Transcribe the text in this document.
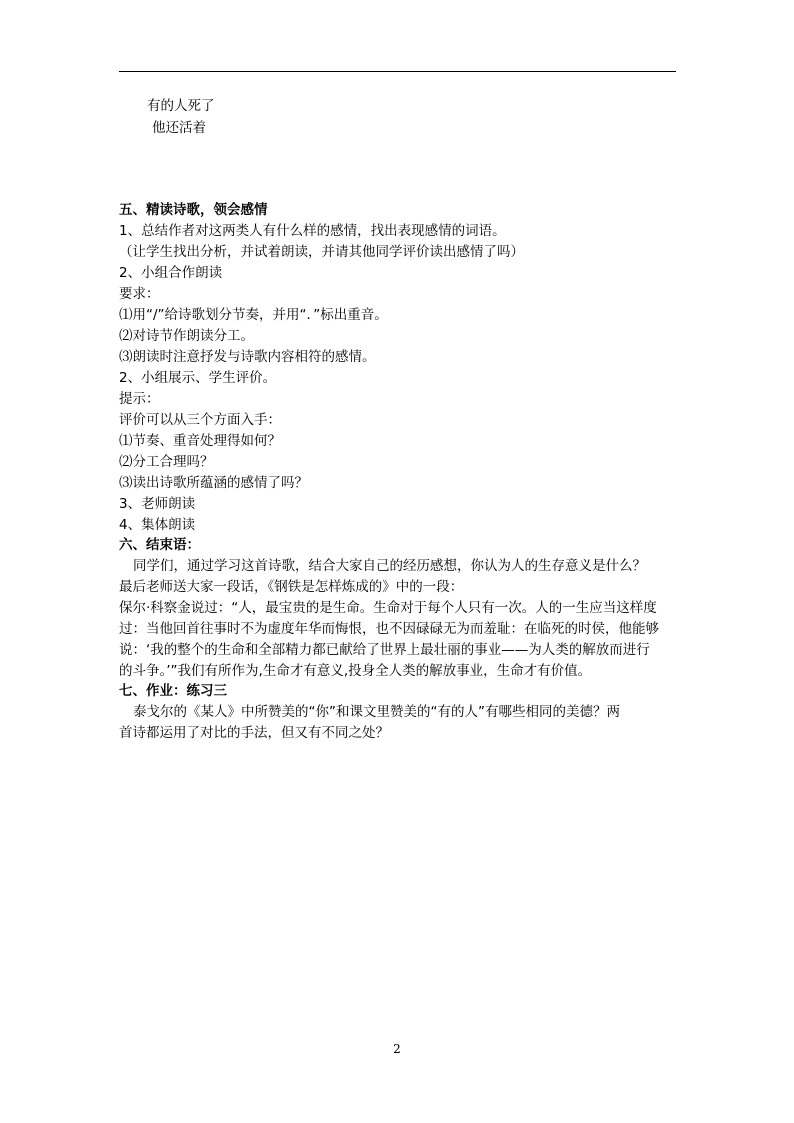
有的人死了
他还活着
五、精读诗歌，领会感情
1、总结作者对这两类人有什么样的感情，找出表现感情的词语。
（让学生找出分析，并试着朗读，并请其他同学评价读出感情了吗）
2、小组合作朗读
要求：
⑴用“/”给诗歌划分节奏，并用“．”标出重音。
⑵对诗节作朗读分工。
⑶朗读时注意抒发与诗歌内容相符的感情。
2、小组展示、学生评价。
提示：
评价可以从三个方面入手：
⑴节奏、重音处理得如何？
⑵分工合理吗？
⑶读出诗歌所蕴涵的感情了吗？
3、老师朗读
4、集体朗读
六、结束语：
同学们，通过学习这首诗歌，结合大家自己的经历感想，你认为人的生存意义是什么？
最后老师送大家一段话，《钢铁是怎样炼成的》中的一段：
保尔·科察金说过：“人，最宝贵的是生命。生命对于每个人只有一次。人的一生应当这样度
过：当他回首往事时不为虚度年华而悔恨，也不因碌碌无为而羞耻：在临死的时侯，他能够
说：‘我的整个的生命和全部精力都已献给了世界上最壮丽的事业——为人类的解放而进行
的斗争。’”我们有所作为,生命才有意义,投身全人类的解放事业，生命才有价值。
七、作业：练习三
泰戈尔的《某人》中所赞美的“你”和课文里赞美的“有的人”有哪些相同的美德？两
首诗都运用了对比的手法，但又有不同之处？
2
